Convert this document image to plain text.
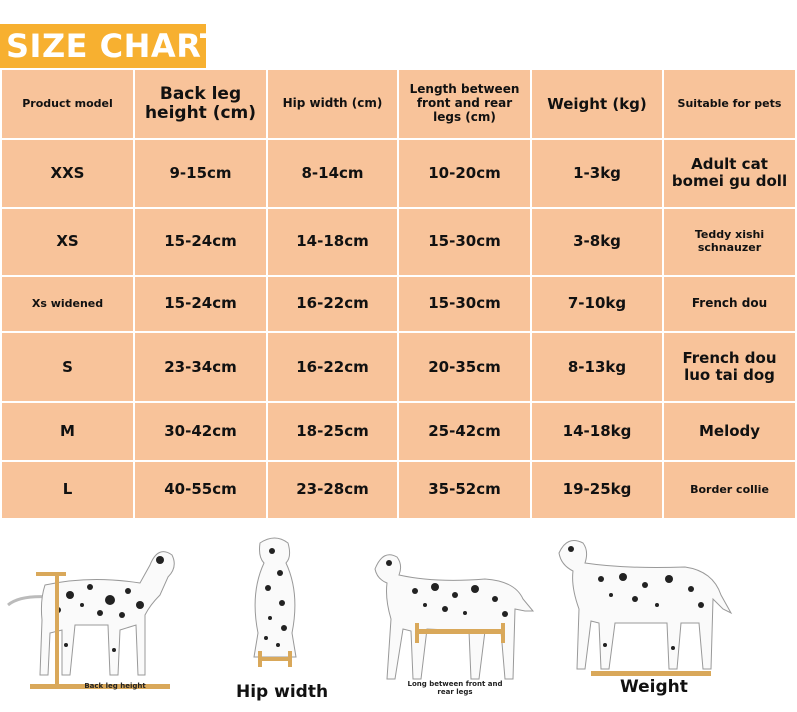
SIZE CHART
Product model	Back leg height (cm)	Hip width (cm)	Length between front and rear legs (cm)	Weight (kg)	Suitable for pets
XXS	9-15cm	8-14cm	10-20cm	1-3kg	Adult cat bomei gu doll
XS	15-24cm	14-18cm	15-30cm	3-8kg	Teddy xishi schnauzer
Xs widened	15-24cm	16-22cm	15-30cm	7-10kg	French dou
S	23-34cm	16-22cm	20-35cm	8-13kg	French dou luo tai dog
M	30-42cm	18-25cm	25-42cm	14-18kg	Melody
L	40-55cm	23-28cm	35-52cm	19-25kg	Border collie
Back leg height	Hip width	Long between front and rear legs	Weight
